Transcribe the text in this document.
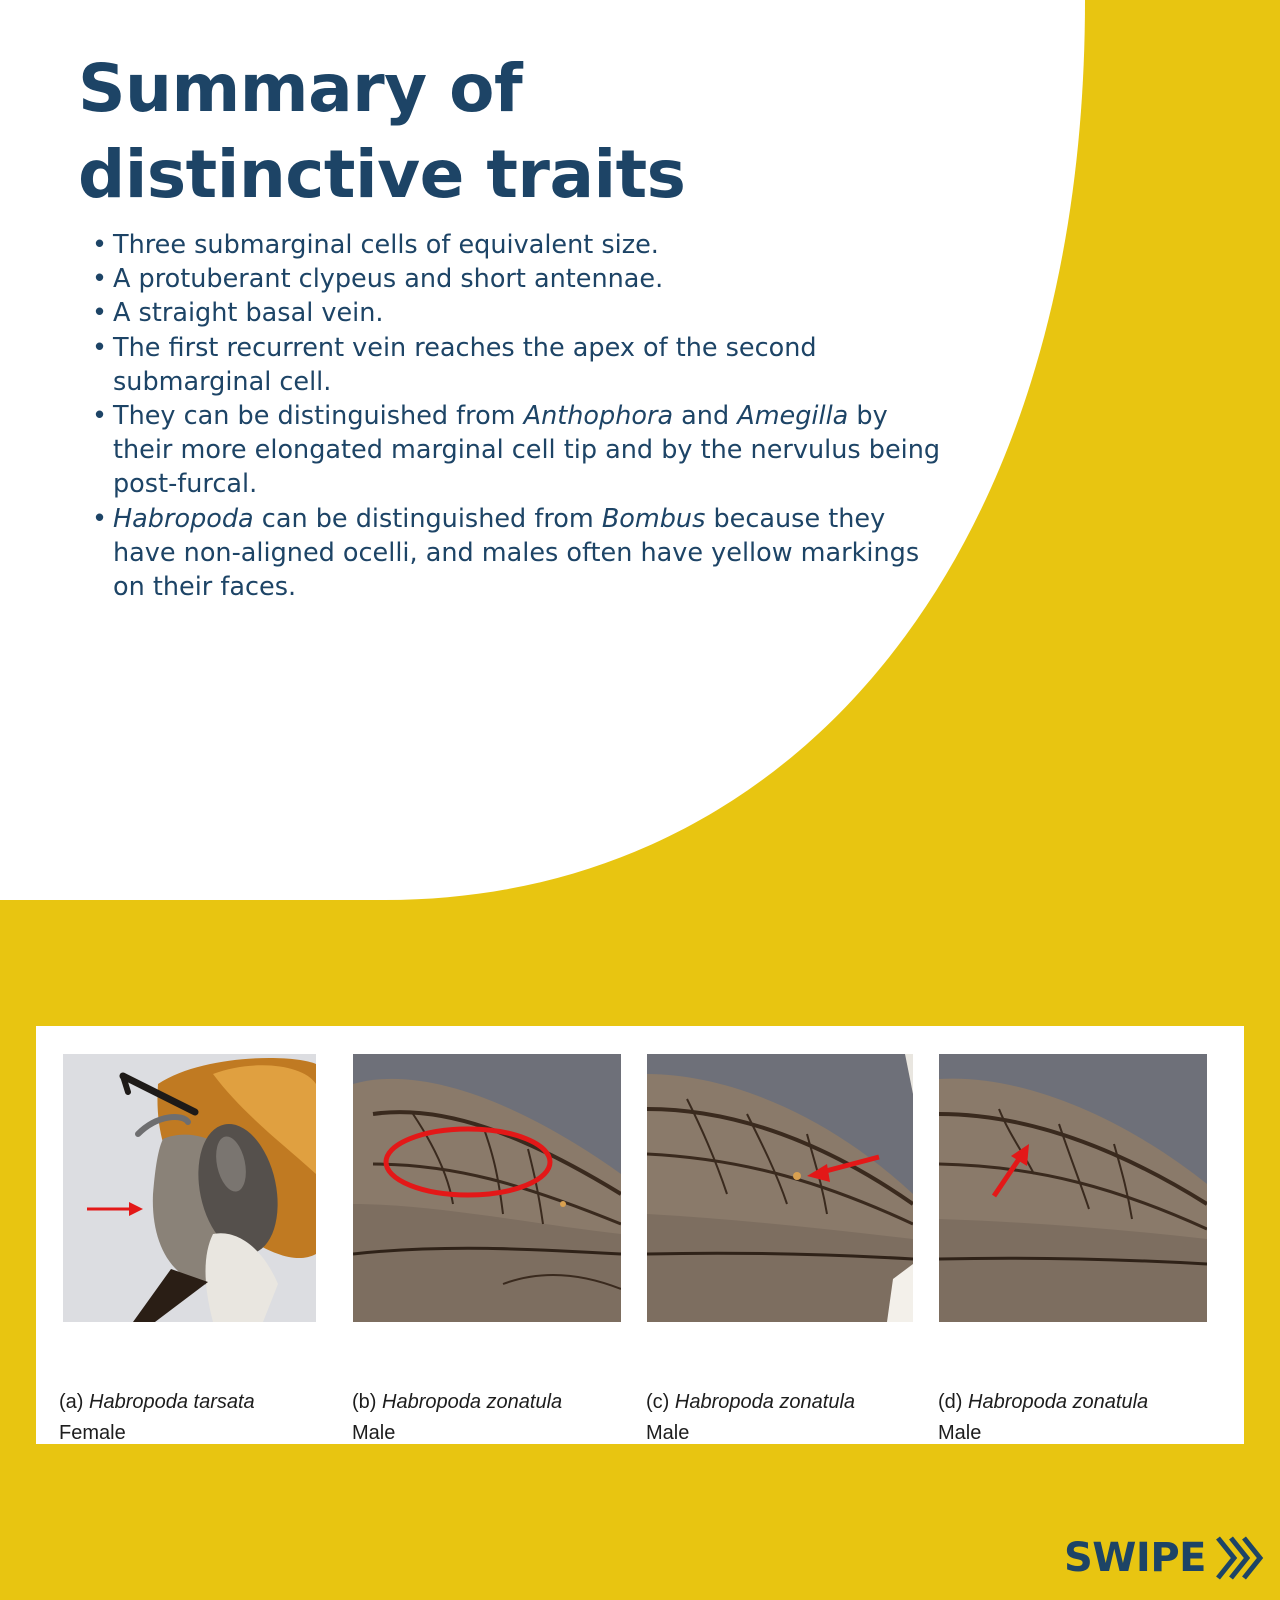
Summary of
distinctive traits
• Three submarginal cells of equivalent size.
• A protuberant clypeus and short antennae.
• A straight basal vein.
• The first recurrent vein reaches the apex of the second submarginal cell.
• They can be distinguished from Anthophora and Amegilla by their more elongated marginal cell tip and by the nervulus being post-furcal.
• Habropoda can be distinguished from Bombus because they have non-aligned ocelli, and males often have yellow markings on their faces.
(a) Habropoda tarsata
Female
(b) Habropoda zonatula
Male
(c) Habropoda zonatula
Male
(d) Habropoda zonatula
Male
SWIPE
